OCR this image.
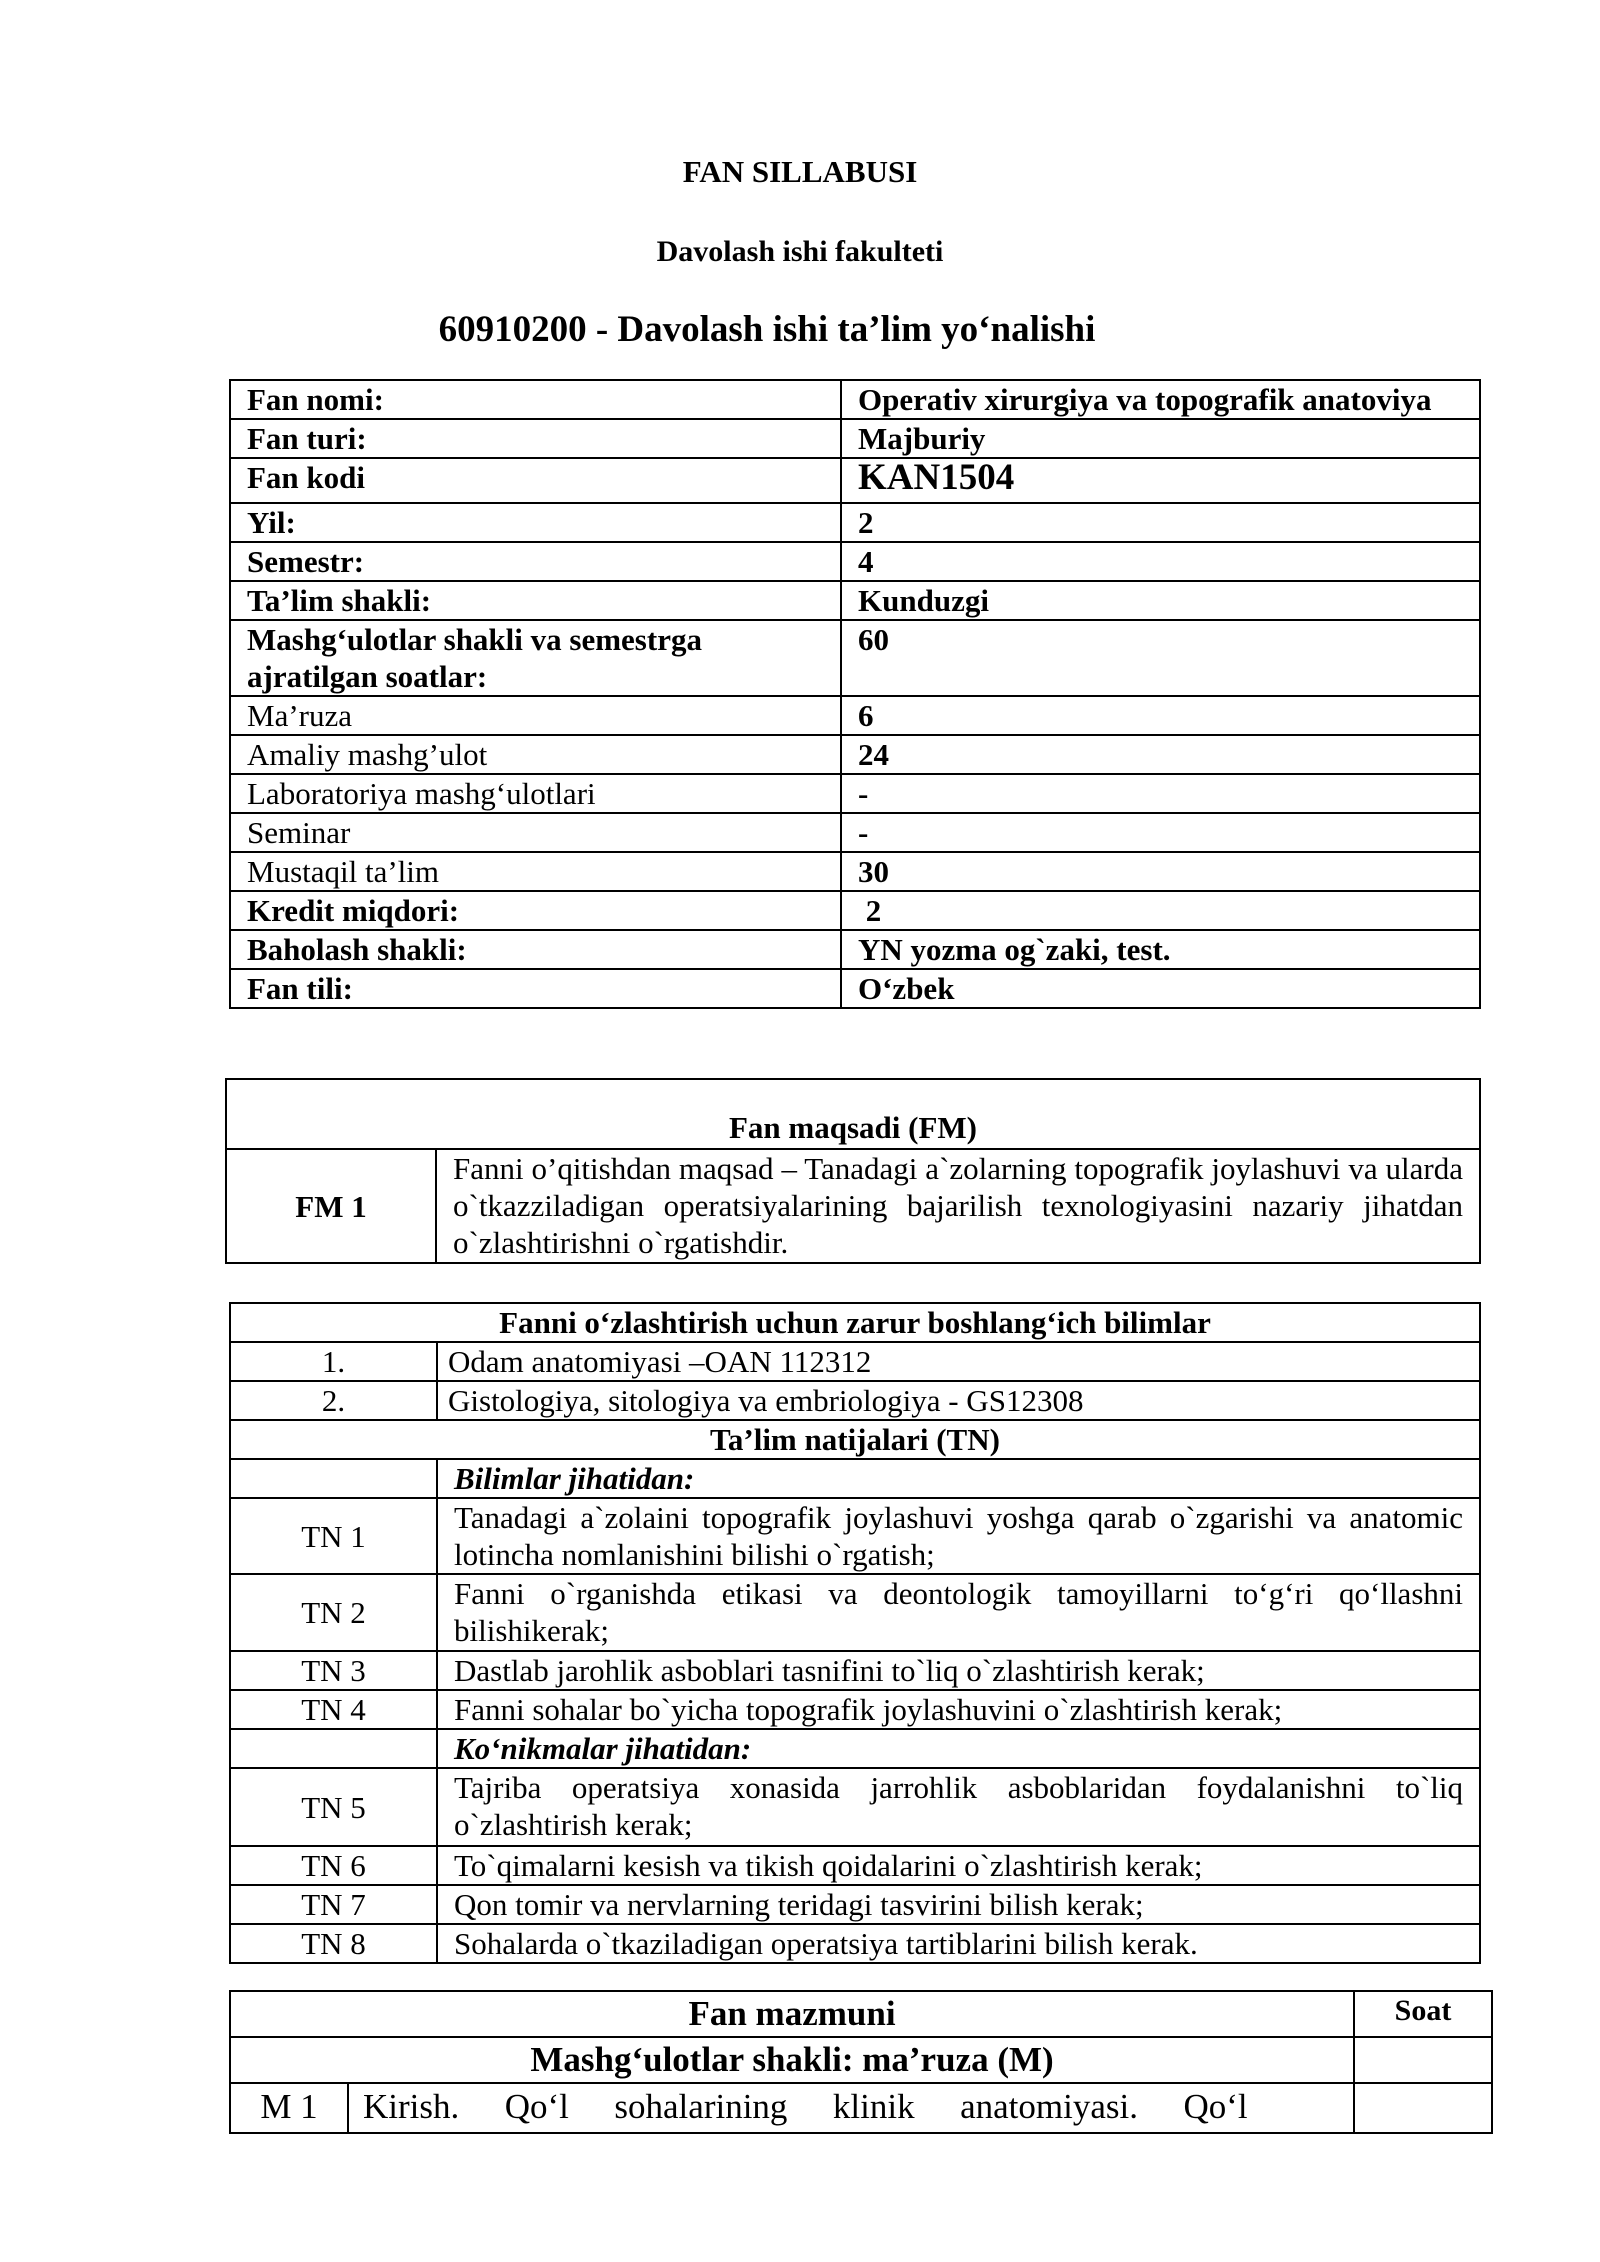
FAN SILLABUSI
Davolash ishi fakulteti
60910200 - Davolash ishi ta’lim yo‘nalishi
Fan nomi:	Operativ xirurgiya va topografik anatoviya
Fan turi:	Majburiy
Fan kodi	KAN1504
Yil:	2
Semestr:	4
Ta’lim shakli:	Kunduzgi
Mashg‘ulotlar shakli va semestrga ajratilgan soatlar:	60
Ma’ruza	6
Amaliy mashg’ulot	24
Laboratoriya mashg‘ulotlari	-
Seminar	-
Mustaqil ta’lim	30
Kredit miqdori:	2
Baholash shakli:	YN yozma og`zaki, test.
Fan tili:	O‘zbek
Fan maqsadi (FM)
FM 1	Fanni o’qitishdan maqsad – Tanadagi a`zolarning topografik joylashuvi va ularda o`tkazziladigan operatsiyalarining bajarilish texnologiyasini nazariy jihatdan o`zlashtirishni o`rgatishdir.
Fanni o‘zlashtirish uchun zarur boshlang‘ich bilimlar	
1.	Odam anatomiyasi –OAN 112312
2.	Gistologiya, sitologiya va embriologiya - GS12308
Ta’lim natijalari (TN)	
	Bilimlar jihatidan:
TN 1	Tanadagi a`zolaini topografik joylashuvi yoshga qarab o`zgarishi va anatomic lotincha nomlanishini bilishi o`rgatish;
TN 2	Fanni o`rganishda etikasi va deontologik tamoyillarni to‘g‘ri qo‘llashni bilishikerak;
TN 3	Dastlab jarohlik asboblari tasnifini to`liq o`zlashtirish kerak;
TN 4	Fanni sohalar bo`yicha topografik joylashuvini o`zlashtirish kerak;
	Ko‘nikmalar jihatidan:
TN 5	Tajriba operatsiya xonasida jarrohlik asboblaridan foydalanishni to`liq o`zlashtirish kerak;
TN 6	To`qimalarni kesish va tikish qoidalarini o`zlashtirish kerak;
TN 7	Qon tomir va nervlarning teridagi tasvirini bilish kerak;
TN 8	Sohalarda o`tkaziladigan operatsiya tartiblarini bilish kerak.
Fan mazmuni		Soat
Mashg‘ulotlar shakli: ma’ruza (M)		
M 1	Kirish.  Qo‘l  sohalarining  klinik  anatomiyasi.  Qo‘l	
